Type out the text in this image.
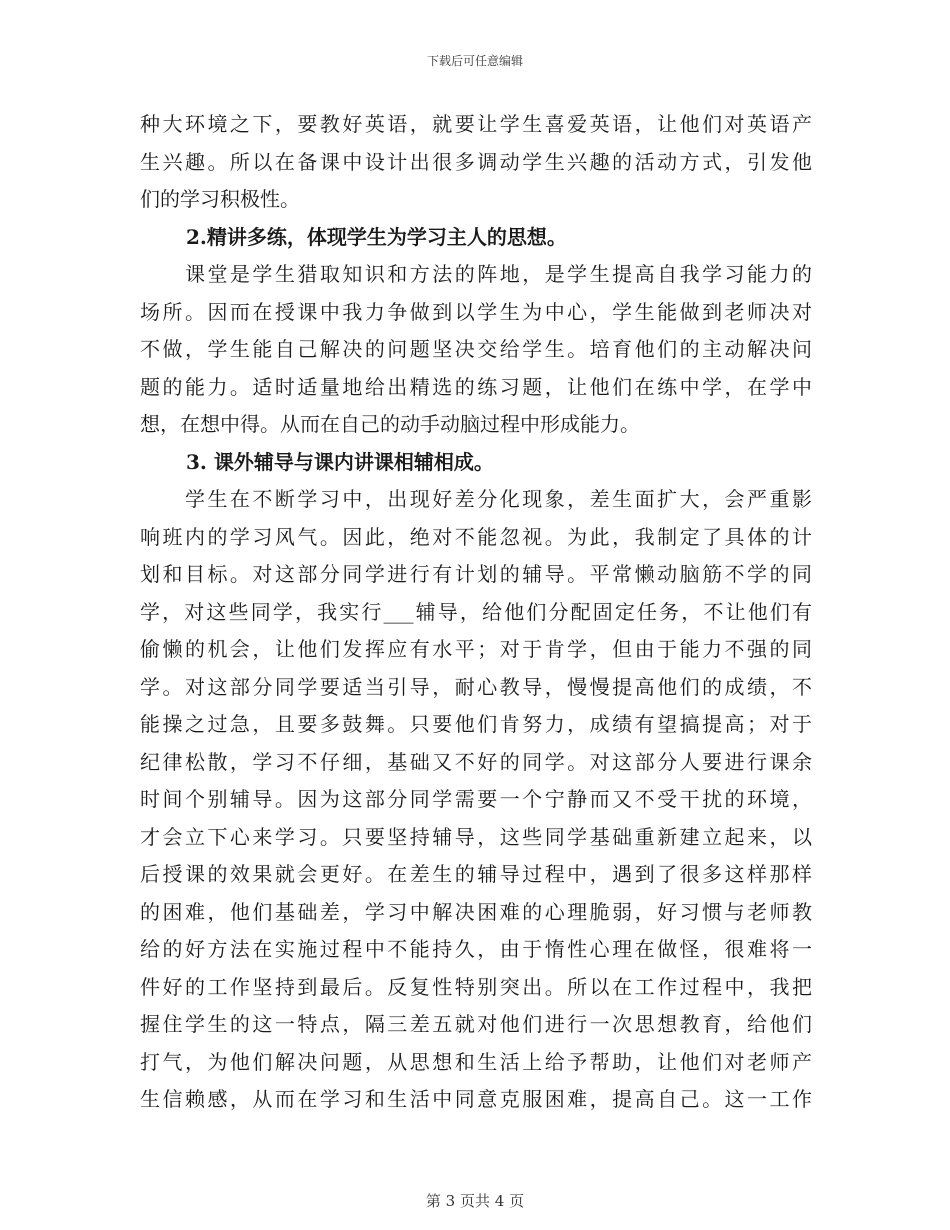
下载后可任意编辑
种大环境之下，要教好英语，就要让学生喜爱英语，让他们对英语产
生兴趣。所以在备课中设计出很多调动学生兴趣的活动方式，引发他
们的学习积极性。
2.精讲多练，体现学生为学习主人的思想。
　　课堂是学生猎取知识和方法的阵地，是学生提高自我学习能力的
场所。因而在授课中我力争做到以学生为中心，学生能做到老师决对
不做，学生能自己解决的问题坚决交给学生。培育他们的主动解决问
题的能力。适时适量地给出精选的练习题，让他们在练中学，在学中
想，在想中得。从而在自己的动手动脑过程中形成能力。
3. 课外辅导与课内讲课相辅相成。
　　学生在不断学习中，出现好差分化现象，差生面扩大，会严重影
响班内的学习风气。因此，绝对不能忽视。为此，我制定了具体的计
划和目标。对这部分同学进行有计划的辅导。平常懒动脑筋不学的同
学，对这些同学，我实行___辅导，给他们分配固定任务，不让他们有
偷懒的机会，让他们发挥应有水平；对于肯学，但由于能力不强的同
学。对这部分同学要适当引导，耐心教导，慢慢提高他们的成绩，不
能操之过急，且要多鼓舞。只要他们肯努力，成绩有望搞提高；对于
纪律松散，学习不仔细，基础又不好的同学。对这部分人要进行课余
时间个别辅导。因为这部分同学需要一个宁静而又不受干扰的环境，
才会立下心来学习。只要坚持辅导，这些同学基础重新建立起来，以
后授课的效果就会更好。在差生的辅导过程中，遇到了很多这样那样
的困难，他们基础差，学习中解决困难的心理脆弱，好习惯与老师教
给的好方法在实施过程中不能持久，由于惰性心理在做怪，很难将一
件好的工作坚持到最后。反复性特别突出。所以在工作过程中，我把
握住学生的这一特点，隔三差五就对他们进行一次思想教育，给他们
打气，为他们解决问题，从思想和生活上给予帮助，让他们对老师产
生信赖感，从而在学习和生活中同意克服困难，提高自己。这一工作
第 3 页共 4 页
